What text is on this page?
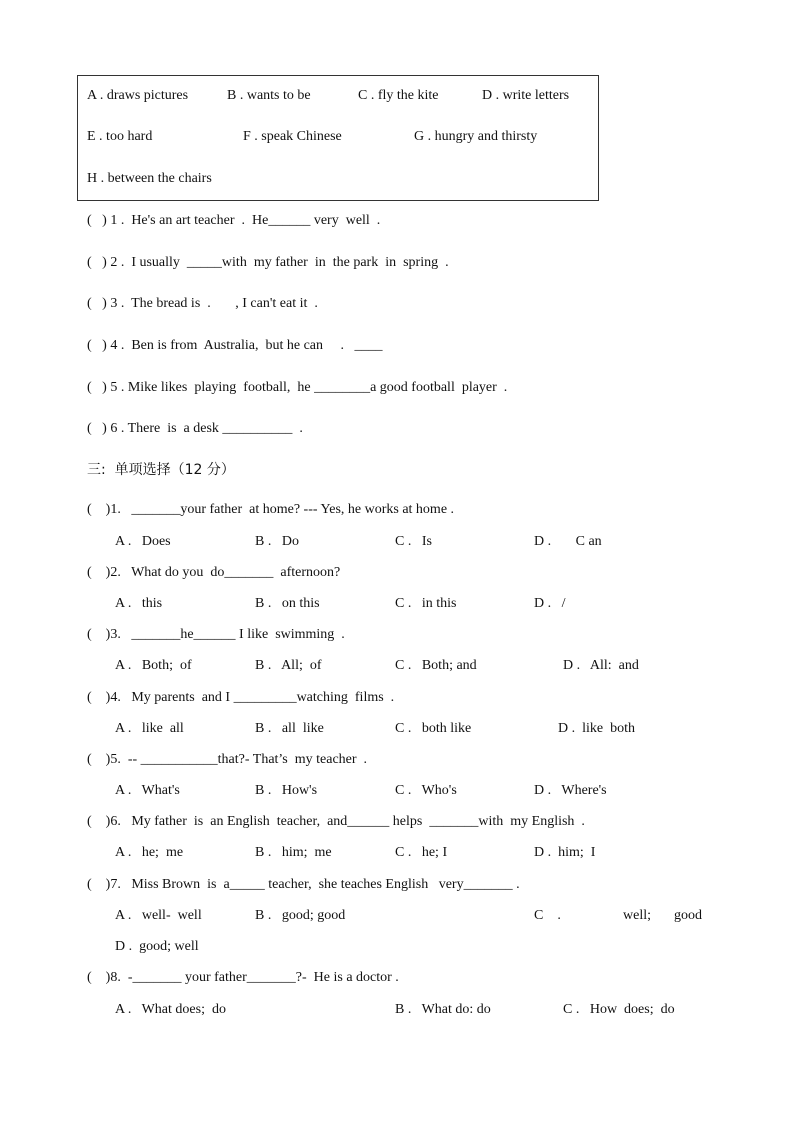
A . draws pictures	B . wants to be	C . fly the kite	D . write letters
E . too hard	F . speak Chinese	G . hungry and thirsty
H . between the chairs
(   ) 1 .  He's an art teacher  .  He______ very  well  .
(   ) 2 .  I usually  _____with  my father  in  the park  in  spring  .
(   ) 3 .  The bread is  .       , I can't eat it  .
(   ) 4 .  Ben is from  Australia,  but he can     .   ____
(   ) 5 . Mike likes  playing  football,  he ________a good football  player  .
(   ) 6 . There  is  a desk __________  .
三:  单项选择（12 分）
(    )1.   _______your father  at home? --- Yes, he works at home .
A .   Does	B .   Do	C .   Is	D .       C an
(    )2.   What do you  do_______  afternoon?
A .   this	B .   on this	C .   in this	D .   /
(    )3.   _______he______ I like  swimming  .
A .   Both;  of	B .   All;  of	C .   Both; and	D .   All:  and
(    )4.   My parents  and I _________watching  films  .
A .   like  all	B .   all  like	C .   both like	D .  like  both
(    )5.  -- ___________that?- That’s  my teacher  .
A .   What's	B .   How's	C .   Who's	D .   Where's
(    )6.   My father  is  an English  teacher,  and______ helps  _______with  my English  .
A .   he;  me	B .   him;  me	C .   he; I	D .  him;  I
(    )7.   Miss Brown  is  a_____ teacher,  she teaches English   very_______ .
A .   well-  well	B .   good; good	C    .	well; good
D .  good; well
(    )8.  -_______ your father_______?-  He is a doctor .
A .   What does;  do	B .   What do: do	C .   How  does;  do
